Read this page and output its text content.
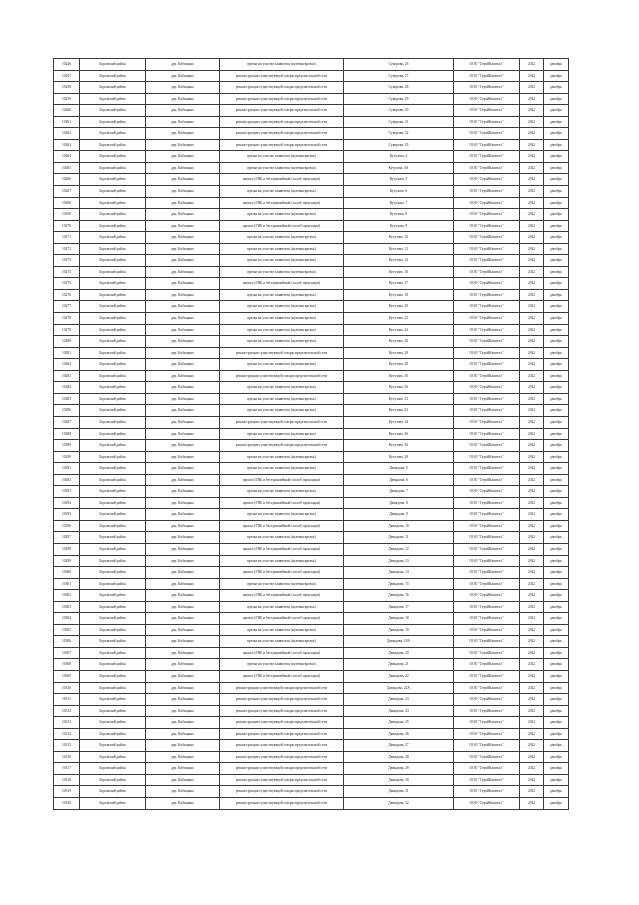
10246	Боровский район	дер. Кабицыно	врезка на участке заявителя (нулевая врезка)	Суворова, 26	ООО "СтройКапитал"	2022	декабрь
10247	Боровский район	дер. Кабицыно	реконструкция существующей газораспределительной сети	Суворова, 27	ООО "СтройКапитал"	2022	декабрь
10258	Боровский район	дер. Кабицыно	реконструкция существующей газораспределительной сети	Суворова, 28	ООО "СтройКапитал"	2022	декабрь
10259	Боровский район	дер. Кабицыно	реконструкция существующей газораспределительной сети	Суворова, 29	ООО "СтройКапитал"	2022	декабрь
10260	Боровский район	дер. Кабицыно	реконструкция существующей газораспределительной сети	Суворова, 30	ООО "СтройКапитал"	2022	декабрь
10261	Боровский район	дер. Кабицыно	реконструкция существующей газораспределительной сети	Суворова, 31	ООО "СтройКапитал"	2022	декабрь
10262	Боровский район	дер. Кабицыно	реконструкция существующей газораспределительной сети	Суворова, 32	ООО "СтройКапитал"	2022	декабрь
10263	Боровский район	дер. Кабицыно	реконструкция существующей газораспределительной сети	Суворова, 33	ООО "СтройКапитал"	2022	декабрь
10264	Боровский район	дер. Кабицыно	врезка на участке заявителя (нулевая врезка)	Кутузова, 4	ООО "СтройКапитал"	2022	декабрь
10265	Боровский район	дер. Кабицыно	врезка на участке заявителя (нулевая врезка)	Кутузова, 4А	ООО "СтройКапитал"	2022	декабрь
10266	Боровский район	дер. Кабицыно	прокол (ГНБ и бестраншейный способ прокладки)	Кутузова, 5	ООО "СтройКапитал"	2022	декабрь
10267	Боровский район	дер. Кабицыно	врезка на участке заявителя (нулевая врезка)	Кутузова, 6	ООО "СтройКапитал"	2022	декабрь
10268	Боровский район	дер. Кабицыно	прокол (ГНБ и бестраншейный способ прокладки)	Кутузова, 7	ООО "СтройКапитал"	2022	декабрь
10269	Боровский район	дер. Кабицыно	врезка на участке заявителя (нулевая врезка)	Кутузова, 8	ООО "СтройКапитал"	2022	декабрь
10270	Боровский район	дер. Кабицыно	прокол (ГНБ и бестраншейный способ прокладки)	Кутузова, 9	ООО "СтройКапитал"	2022	декабрь
10271	Боровский район	дер. Кабицыно	врезка на участке заявителя (нулевая врезка)	Кутузова, 10	ООО "СтройКапитал"	2022	декабрь
10272	Боровский район	дер. Кабицыно	врезка на участке заявителя (нулевая врезка)	Кутузова, 12	ООО "СтройКапитал"	2022	декабрь
10273	Боровский район	дер. Кабицыно	врезка на участке заявителя (нулевая врезка)	Кутузова, 14	ООО "СтройКапитал"	2022	декабрь
10274	Боровский район	дер. Кабицыно	врезка на участке заявителя (нулевая врезка)	Кутузова, 16	ООО "СтройКапитал"	2022	декабрь
10275	Боровский район	дер. Кабицыно	прокол (ГНБ и бестраншейный способ прокладки)	Кутузова, 17	ООО "СтройКапитал"	2022	декабрь
10276	Боровский район	дер. Кабицыно	врезка на участке заявителя (нулевая врезка)	Кутузова, 18	ООО "СтройКапитал"	2022	декабрь
10277	Боровский район	дер. Кабицыно	врезка на участке заявителя (нулевая врезка)	Кутузова, 20	ООО "СтройКапитал"	2022	декабрь
10278	Боровский район	дер. Кабицыно	врезка на участке заявителя (нулевая врезка)	Кутузова, 22	ООО "СтройКапитал"	2022	декабрь
10279	Боровский район	дер. Кабицыно	врезка на участке заявителя (нулевая врезка)	Кутузова, 24	ООО "СтройКапитал"	2022	декабрь
10280	Боровский район	дер. Кабицыно	врезка на участке заявителя (нулевая врезка)	Кутузова, 26	ООО "СтройКапитал"	2022	декабрь
10281	Боровский район	дер. Кабицыно	реконструкция существующей газораспределительной сети	Кутузова, 28	ООО "СтройКапитал"	2022	декабрь
10282	Боровский район	дер. Кабицыно	врезка на участке заявителя (нулевая врезка)	Кутузова, 28	ООО "СтройКапитал"	2022	декабрь
10283	Боровский район	дер. Кабицыно	реконструкция существующей газораспределительной сети	Кутузова, 30	ООО "СтройКапитал"	2022	декабрь
10284	Боровский район	дер. Кабицыно	врезка на участке заявителя (нулевая врезка)	Кутузова, 30	ООО "СтройКапитал"	2022	декабрь
10285	Боровский район	дер. Кабицыно	врезка на участке заявителя (нулевая врезка)	Кутузова, 32	ООО "СтройКапитал"	2022	декабрь
10286	Боровский район	дер. Кабицыно	врезка на участке заявителя (нулевая врезка)	Кутузова, 32	ООО "СтройКапитал"	2022	декабрь
10287	Боровский район	дер. Кабицыно	реконструкция существующей газораспределительной сети	Кутузова, 34	ООО "СтройКапитал"	2022	декабрь
10288	Боровский район	дер. Кабицыно	врезка на участке заявителя (нулевая врезка)	Кутузова, 36	ООО "СтройКапитал"	2022	декабрь
10289	Боровский район	дер. Кабицыно	реконструкция существующей газораспределительной сети	Кутузова, 36	ООО "СтройКапитал"	2022	декабрь
10290	Боровский район	дер. Кабицыно	врезка на участке заявителя (нулевая врезка)	Кутузова, 38	ООО "СтройКапитал"	2022	декабрь
10291	Боровский район	дер. Кабицыно	врезка на участке заявителя (нулевая врезка)	Давыдова, 5	ООО "СтройКапитал"	2022	декабрь
10292	Боровский район	дер. Кабицыно	прокол (ГНБ и бестраншейный способ прокладки)	Давыдова, 6	ООО "СтройКапитал"	2022	декабрь
10293	Боровский район	дер. Кабицыно	врезка на участке заявителя (нулевая врезка)	Давыдова, 7	ООО "СтройКапитал"	2022	декабрь
10294	Боровский район	дер. Кабицыно	прокол (ГНБ и бестраншейный способ прокладки)	Давыдова, 8	ООО "СтройКапитал"	2022	декабрь
10295	Боровский район	дер. Кабицыно	врезка на участке заявителя (нулевая врезка)	Давыдова, 9	ООО "СтройКапитал"	2022	декабрь
10296	Боровский район	дер. Кабицыно	прокол (ГНБ и бестраншейный способ прокладки)	Давыдова, 10	ООО "СтройКапитал"	2022	декабрь
10297	Боровский район	дер. Кабицыно	врезка на участке заявителя (нулевая врезка)	Давыдова, 11	ООО "СтройКапитал"	2022	декабрь
10298	Боровский район	дер. Кабицыно	прокол (ГНБ и бестраншейный способ прокладки)	Давыдова, 12	ООО "СтройКапитал"	2022	декабрь
10299	Боровский район	дер. Кабицыно	врезка на участке заявителя (нулевая врезка)	Давыдова, 13	ООО "СтройКапитал"	2022	декабрь
10300	Боровский район	дер. Кабицыно	прокол (ГНБ и бестраншейный способ прокладки)	Давыдова, 14	ООО "СтройКапитал"	2022	декабрь
10301	Боровский район	дер. Кабицыно	врезка на участке заявителя (нулевая врезка)	Давыдова, 15	ООО "СтройКапитал"	2022	декабрь
10302	Боровский район	дер. Кабицыно	прокол (ГНБ и бестраншейный способ прокладки)	Давыдова, 16	ООО "СтройКапитал"	2022	декабрь
10303	Боровский район	дер. Кабицыно	врезка на участке заявителя (нулевая врезка)	Давыдова, 17	ООО "СтройКапитал"	2022	декабрь
10304	Боровский район	дер. Кабицыно	прокол (ГНБ и бестраншейный способ прокладки)	Давыдова, 18	ООО "СтройКапитал"	2022	декабрь
10305	Боровский район	дер. Кабицыно	врезка на участке заявителя (нулевая врезка)	Давыдова, 19	ООО "СтройКапитал"	2022	декабрь
10306	Боровский район	дер. Кабицыно	врезка на участке заявителя (нулевая врезка)	Давыдова, 19А	ООО "СтройКапитал"	2022	декабрь
10307	Боровский район	дер. Кабицыно	прокол (ГНБ и бестраншейный способ прокладки)	Давыдова, 20	ООО "СтройКапитал"	2022	декабрь
10308	Боровский район	дер. Кабицыно	врезка на участке заявителя (нулевая врезка)	Давыдова, 21	ООО "СтройКапитал"	2022	декабрь
10309	Боровский район	дер. Кабицыно	прокол (ГНБ и бестраншейный способ прокладки)	Давыдова, 22	ООО "СтройКапитал"	2022	декабрь
10310	Боровский район	дер. Кабицыно	реконструкция существующей газораспределительной сети	Давыдова, 22А	ООО "СтройКапитал"	2022	декабрь
10311	Боровский район	дер. Кабицыно	реконструкция существующей газораспределительной сети	Давыдова, 23	ООО "СтройКапитал"	2022	декабрь
10312	Боровский район	дер. Кабицыно	реконструкция существующей газораспределительной сети	Давыдова, 24	ООО "СтройКапитал"	2022	декабрь
10313	Боровский район	дер. Кабицыно	реконструкция существующей газораспределительной сети	Давыдова, 25	ООО "СтройКапитал"	2022	декабрь
10314	Боровский район	дер. Кабицыно	реконструкция существующей газораспределительной сети	Давыдова, 26	ООО "СтройКапитал"	2022	декабрь
10315	Боровский район	дер. Кабицыно	реконструкция существующей газораспределительной сети	Давыдова, 27	ООО "СтройКапитал"	2022	декабрь
10316	Боровский район	дер. Кабицыно	реконструкция существующей газораспределительной сети	Давыдова, 28	ООО "СтройКапитал"	2022	декабрь
10317	Боровский район	дер. Кабицыно	реконструкция существующей газораспределительной сети	Давыдова, 29	ООО "СтройКапитал"	2022	декабрь
10318	Боровский район	дер. Кабицыно	реконструкция существующей газораспределительной сети	Давыдова, 30	ООО "СтройКапитал"	2022	декабрь
10319	Боровский район	дер. Кабицыно	реконструкция существующей газораспределительной сети	Давыдова, 31	ООО "СтройКапитал"	2022	декабрь
10320	Боровский район	дер. Кабицыно	реконструкция существующей газораспределительной сети	Давыдова, 32	ООО "СтройКапитал"	2022	декабрь
